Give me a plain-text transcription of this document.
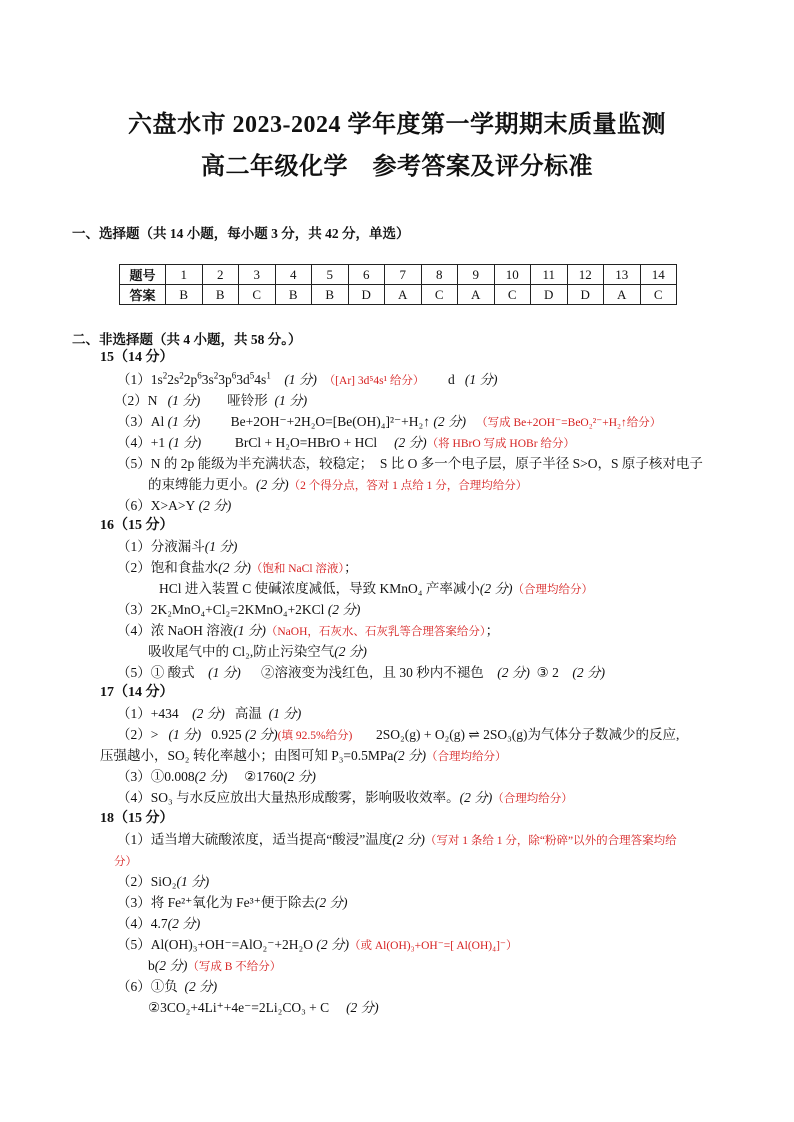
六盘水市 2023-2024 学年度第一学期期末质量监测
高二年级化学　参考答案及评分标准
一、选择题（共 14 小题，每小题 3 分，共 42 分，单选）
题号	1	2	3	4	5	6	7	8	9	10	11	12	13	14
答案	B	B	C	B	B	D	A	C	A	C	D	D	A	C
二、非选择题（共 4 小题，共 58 分。）
15（14 分）
$(1)1s^22s^22p^63s^23p^63d^54s^1$ (1 分) （[Ar] 3d⁵4s¹ 给分） d (1 分)
（2）N (1 分) 哑铃形 (1 分)
（3）Al (1 分) Be+2OH⁻+2H₂O=[Be(OH)₄]²⁻+H₂↑ (2 分) （写成 Be+2OH⁻=BeO₂²⁻+H₂↑给分）
（4）+1 (1 分)	BrCl + H₂O=HBrO + HCl (2 分)（将 HBrO 写成 HOBr 给分）
（5）N 的 2p 能级为半充满状态，较稳定；　S 比 O 多一个电子层，原子半径 S>O，S 原子核对电子
的束缚能力更小。(2 分)（2 个得分点，答对 1 点给 1 分，合理均给分）
（6）X>A>Y (2 分)
16（15 分）
（1）分液漏斗(1 分)
（2）饱和食盐水(2 分)（饱和 NaCl 溶液）；
HCl 进入装置 C 使碱浓度减低，导致 KMnO₄ 产率减小(2 分)（合理均给分）
（3）2K₂MnO₄+Cl₂=2KMnO₄+2KCl (2 分)
（4）浓 NaOH 溶液(1 分)（NaOH，石灰水、石灰乳等合理答案给分）；
吸收尾气中的 Cl₂,防止污染空气(2 分)
（5）① 酸式 (1 分) ②溶液变为浅红色，且 30 秒内不褪色 (2 分) ③ 2 (2 分)
17（14 分）
（1）+434 (2 分) 高温 (1 分)
（2）> (1 分) 0.925 (2 分)(填 92.5%给分) 2SO₂(g) + O₂(g) ⇌ 2SO₃(g)为气体分子数减少的反应,
压强越小，SO₂ 转化率越小；由图可知 P₃=0.5MPa(2 分)（合理均给分）
（3）①0.008(2 分) ②1760(2 分)
（4）SO₃ 与水反应放出大量热形成酸雾，影响吸收效率。(2 分)（合理均给分）
18（15 分）
（1）适当增大硫酸浓度，适当提高“酸浸”温度(2 分)（写对 1 条给 1 分，除“粉碎”以外的合理答案均给
分）
（2）SiO₂(1 分)
（3）将 Fe²⁺氧化为 Fe³⁺便于除去(2 分)
（4）4.7(2 分)
（5）Al(OH)₃+OH⁻=AlO₂⁻+2H₂O (2 分)（或 Al(OH)₃+OH⁻=[ Al(OH)₄]⁻）
b(2 分)（写成 B 不给分）
（6）①负 (2 分)
②3CO₂+4Li⁺+4e⁻=2Li₂CO₃ + C (2 分)
